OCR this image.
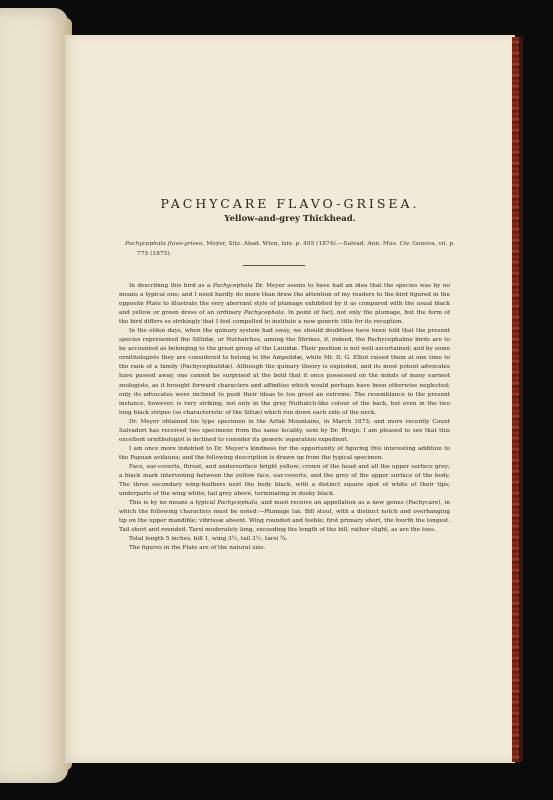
PACHYCARE FLAVO-GRISEA.
Yellow-and-grey Thickhead.
Pachycephala flavo-grisea, Meyer, Sitz. Akad. Wien, lxix. p. 495 (1874).—Salvad. Ann. Mus. Civ. Genova, vii. p. 775 (1875).

In describing this bird as a Pachycephala Dr. Meyer seems to have had an idea that the species was by no means a typical one; and I need hardly do more than draw the attention of my readers to the bird figured in the opposite Plate to illustrate the very aberrant style of plumage exhibited by it as compared with the usual black and yellow or green dress of an ordinary Pachycephala. In point of fact, not only the plumage, but the form of the bird differs so strikingly that I feel compelled to institute a new generic title for its reception.

In the olden days, when the quinary system had sway, we should doubtless have been told that the present species represented the Sittidæ, or Nuthatches, among the Shrikes, if, indeed, the Pachycephaline birds are to be accounted as belonging to the great group of the Laniidæ. Their position is not well ascertained; and by some ornithologists they are considered to belong to the Ampelidæ, while Mr. D. G. Elliot raised them at one time to the rank of a family (Pachycephalidæ). Although the quinary theory is exploded, and its most potent advocates have passed away, one cannot be surprised at the bold that it once possessed on the minds of many earnest zoologists, as it brought forward characters and affinities which would perhaps have been otherwise neglected; only its advocates were inclined to push their ideas to too great an extreme. The resemblance in the present instance, however, is very striking, not only in the grey Nuthatch-like colour of the back, but even in the two long black stripes (so characteristic of the Sittæ) which run down each side of the neck.

Dr. Meyer obtained his type specimen in the Arfak Mountains, in March 1873; and more recently Count Salvadori has received two specimens from the same locality, sent by Dr. Bruijn. I am pleased to see that this excellent ornithologist is inclined to consider its generic separation expedient.

I am once more indebted to Dr. Meyer's kindness for the opportunity of figuring this interesting addition to the Papuan avifauna; and the following description is drawn up from the typical specimen.

Face, ear-coverts, throat, and undersurface bright yellow; crown of the head and all the upper surface grey; a black mark intervening between the yellow face, ear-coverts, and the grey of the upper surface of the body. The three secondary wing-feathers next the body black, with a distinct square spot of white at their tips; underparts of the wing white; tail grey above, terminating in dusky black.

This is by no means a typical Pachycephala, and must receive an appellation as a new genus (Pachycare), in which the following characters must be noted:—Plumage lax. Bill stout, with a distinct notch and overhanging tip on the upper mandible; vibrissæ absent. Wing rounded and feeble; first primary short, the fourth the longest. Tail short and rounded. Tarsi moderately long, exceeding the length of the bill, rather slight, as are the toes.

Total length 5 inches, bill 1, wing 3½, tail 2½, tarsi ¾.

The figures in the Plate are of the natural size.
